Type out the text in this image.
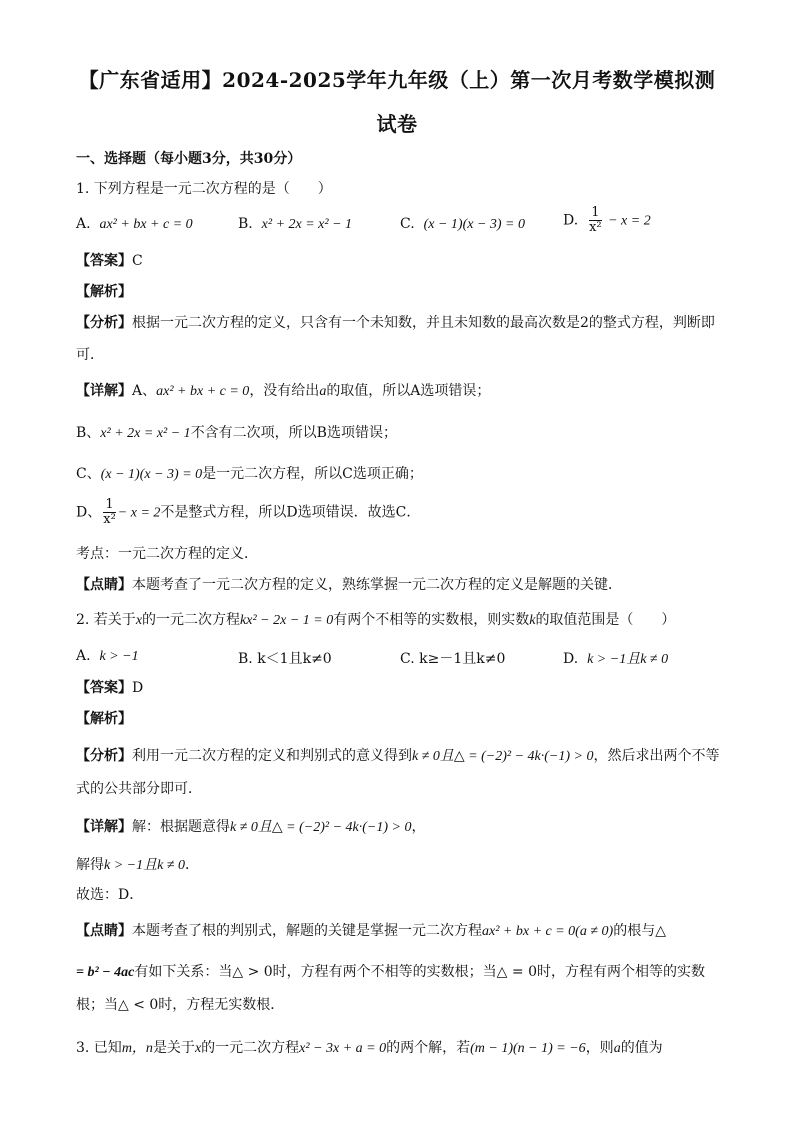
【广东省适用】2024-2025学年九年级（上）第一次月考数学模拟测
试卷
一、选择题（每小题3分，共30分）
1. 下列方程是一元二次方程的是（　　）
A. ax² + bx + c = 0	B. x² + 2x = x² − 1	C. (x − 1)(x − 3) = 0	D. $\frac{1}{\text{x²}} - x = 2$
【答案】C
【解析】
【分析】根据一元二次方程的定义，只含有一个未知数，并且未知数的最高次数是2的整式方程，判断即可．
【详解】A、ax² + bx + c = 0，没有给出a的取值，所以A选项错误；
B、x² + 2x = x² − 1不含有二次项，所以B选项错误；
C、(x − 1)(x − 3) = 0是一元二次方程，所以C选项正确；
D、 $\frac{1}{\text{x²}} - x = 2$不是整式方程，所以D选项错误．故选C．
考点：一元二次方程的定义．
【点睛】本题考查了一元二次方程的定义，熟练掌握一元二次方程的定义是解题的关键．
2. 若关于x的一元二次方程kx² − 2x − 1 = 0有两个不相等的实数根，则实数k的取值范围是（　　）
A. k > −1	B. k＜1且k≠0	C. k≥－1且k≠0	D. k > −1且k ≠ 0
【答案】D
【解析】
【分析】利用一元二次方程的定义和判别式的意义得到k ≠ 0且△ = (−2)² − 4k·(−1) > 0，然后求出两个不等式的公共部分即可．
【详解】解：根据题意得k ≠ 0且△ = (−2)² − 4k·(−1) > 0，
解得k > −1且k ≠ 0．
故选：D．
【点睛】本题考查了根的判别式，解题的关键是掌握一元二次方程ax² + bx + c = 0(a ≠ 0)的根与△
= b² − 4ac有如下关系：当△ > 0时，方程有两个不相等的实数根；当△ = 0时，方程有两个相等的实数根；当△ < 0时，方程无实数根．
3. 已知m，n是关于x的一元二次方程x² − 3x + a = 0的两个解，若(m − 1)(n − 1) = −6，则a的值为
